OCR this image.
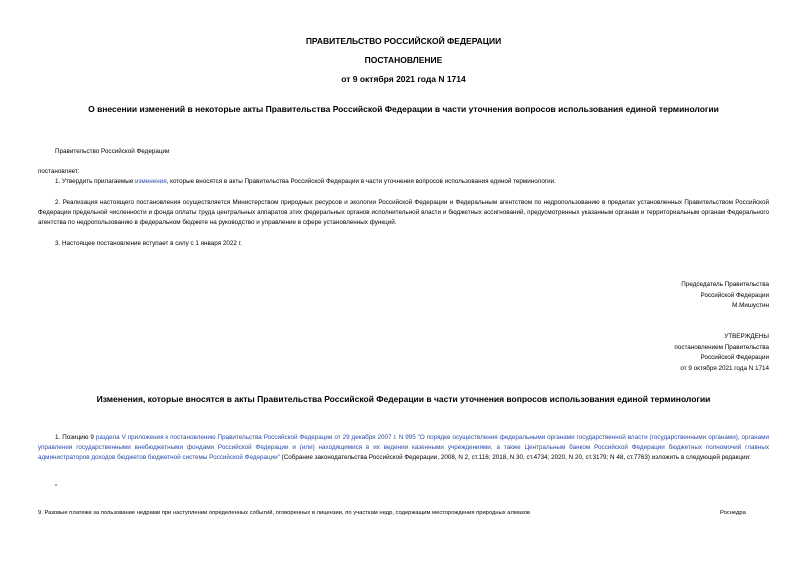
ПРАВИТЕЛЬСТВО РОССИЙСКОЙ ФЕДЕРАЦИИ
ПОСТАНОВЛЕНИЕ
от 9 октября 2021 года N 1714
О внесении изменений в некоторые акты Правительства Российской Федерации в части уточнения вопросов использования единой терминологии
Правительство Российской Федерации
постановляет:
1. Утвердить прилагаемые изменения, которые вносятся в акты Правительства Российской Федерации в части уточнения вопросов использования единой терминологии.
2. Реализация настоящего постановления осуществляется Министерством природных ресурсов и экологии Российской Федерации и Федеральным агентством по недропользованию в пределах установленных Правительством Российской Федерации предельной численности и фонда оплаты труда центральных аппаратов этих федеральных органов исполнительной власти и бюджетных ассигнований, предусмотренных указанным органам и территориальным органам Федерального агентства по недропользованию в федеральном бюджете на руководство и управление в сфере установленных функций.
3. Настоящее постановление вступает в силу с 1 января 2022 г.
Председатель Правительства
Российской Федерации
М.Мишустин
УТВЕРЖДЕНЫ
постановлением Правительства
Российской Федерации
от 9 октября 2021 года N 1714
Изменения, которые вносятся в акты Правительства Российской Федерации в части уточнения вопросов использования единой терминологии
1. Позицию 9 раздела V приложения к постановлению Правительства Российской Федерации от 29 декабря 2007 г. N 995 "О порядке осуществления федеральными органами государственной власти (государственными органами), органами управления государственными внебюджетными фондами Российской Федерации и (или) находящимися в их ведении казенными учреждениями, а также Центральным банком Российской Федерации бюджетных полномочий главных администраторов доходов бюджетов бюджетной системы Российской Федерации" (Собрание законодательства Российской Федерации, 2008, N 2, ст.116; 2018, N 30, ст.4734; 2020, N 20, ст.3179; N 48, ст.7763) изложить в следующей редакции:
"
9. Разовые платежи за пользование недрами при наступлении определенных событий, оговоренных в лицензии, по участкам недр, содержащим месторождения природных алмазов	Роснедра
